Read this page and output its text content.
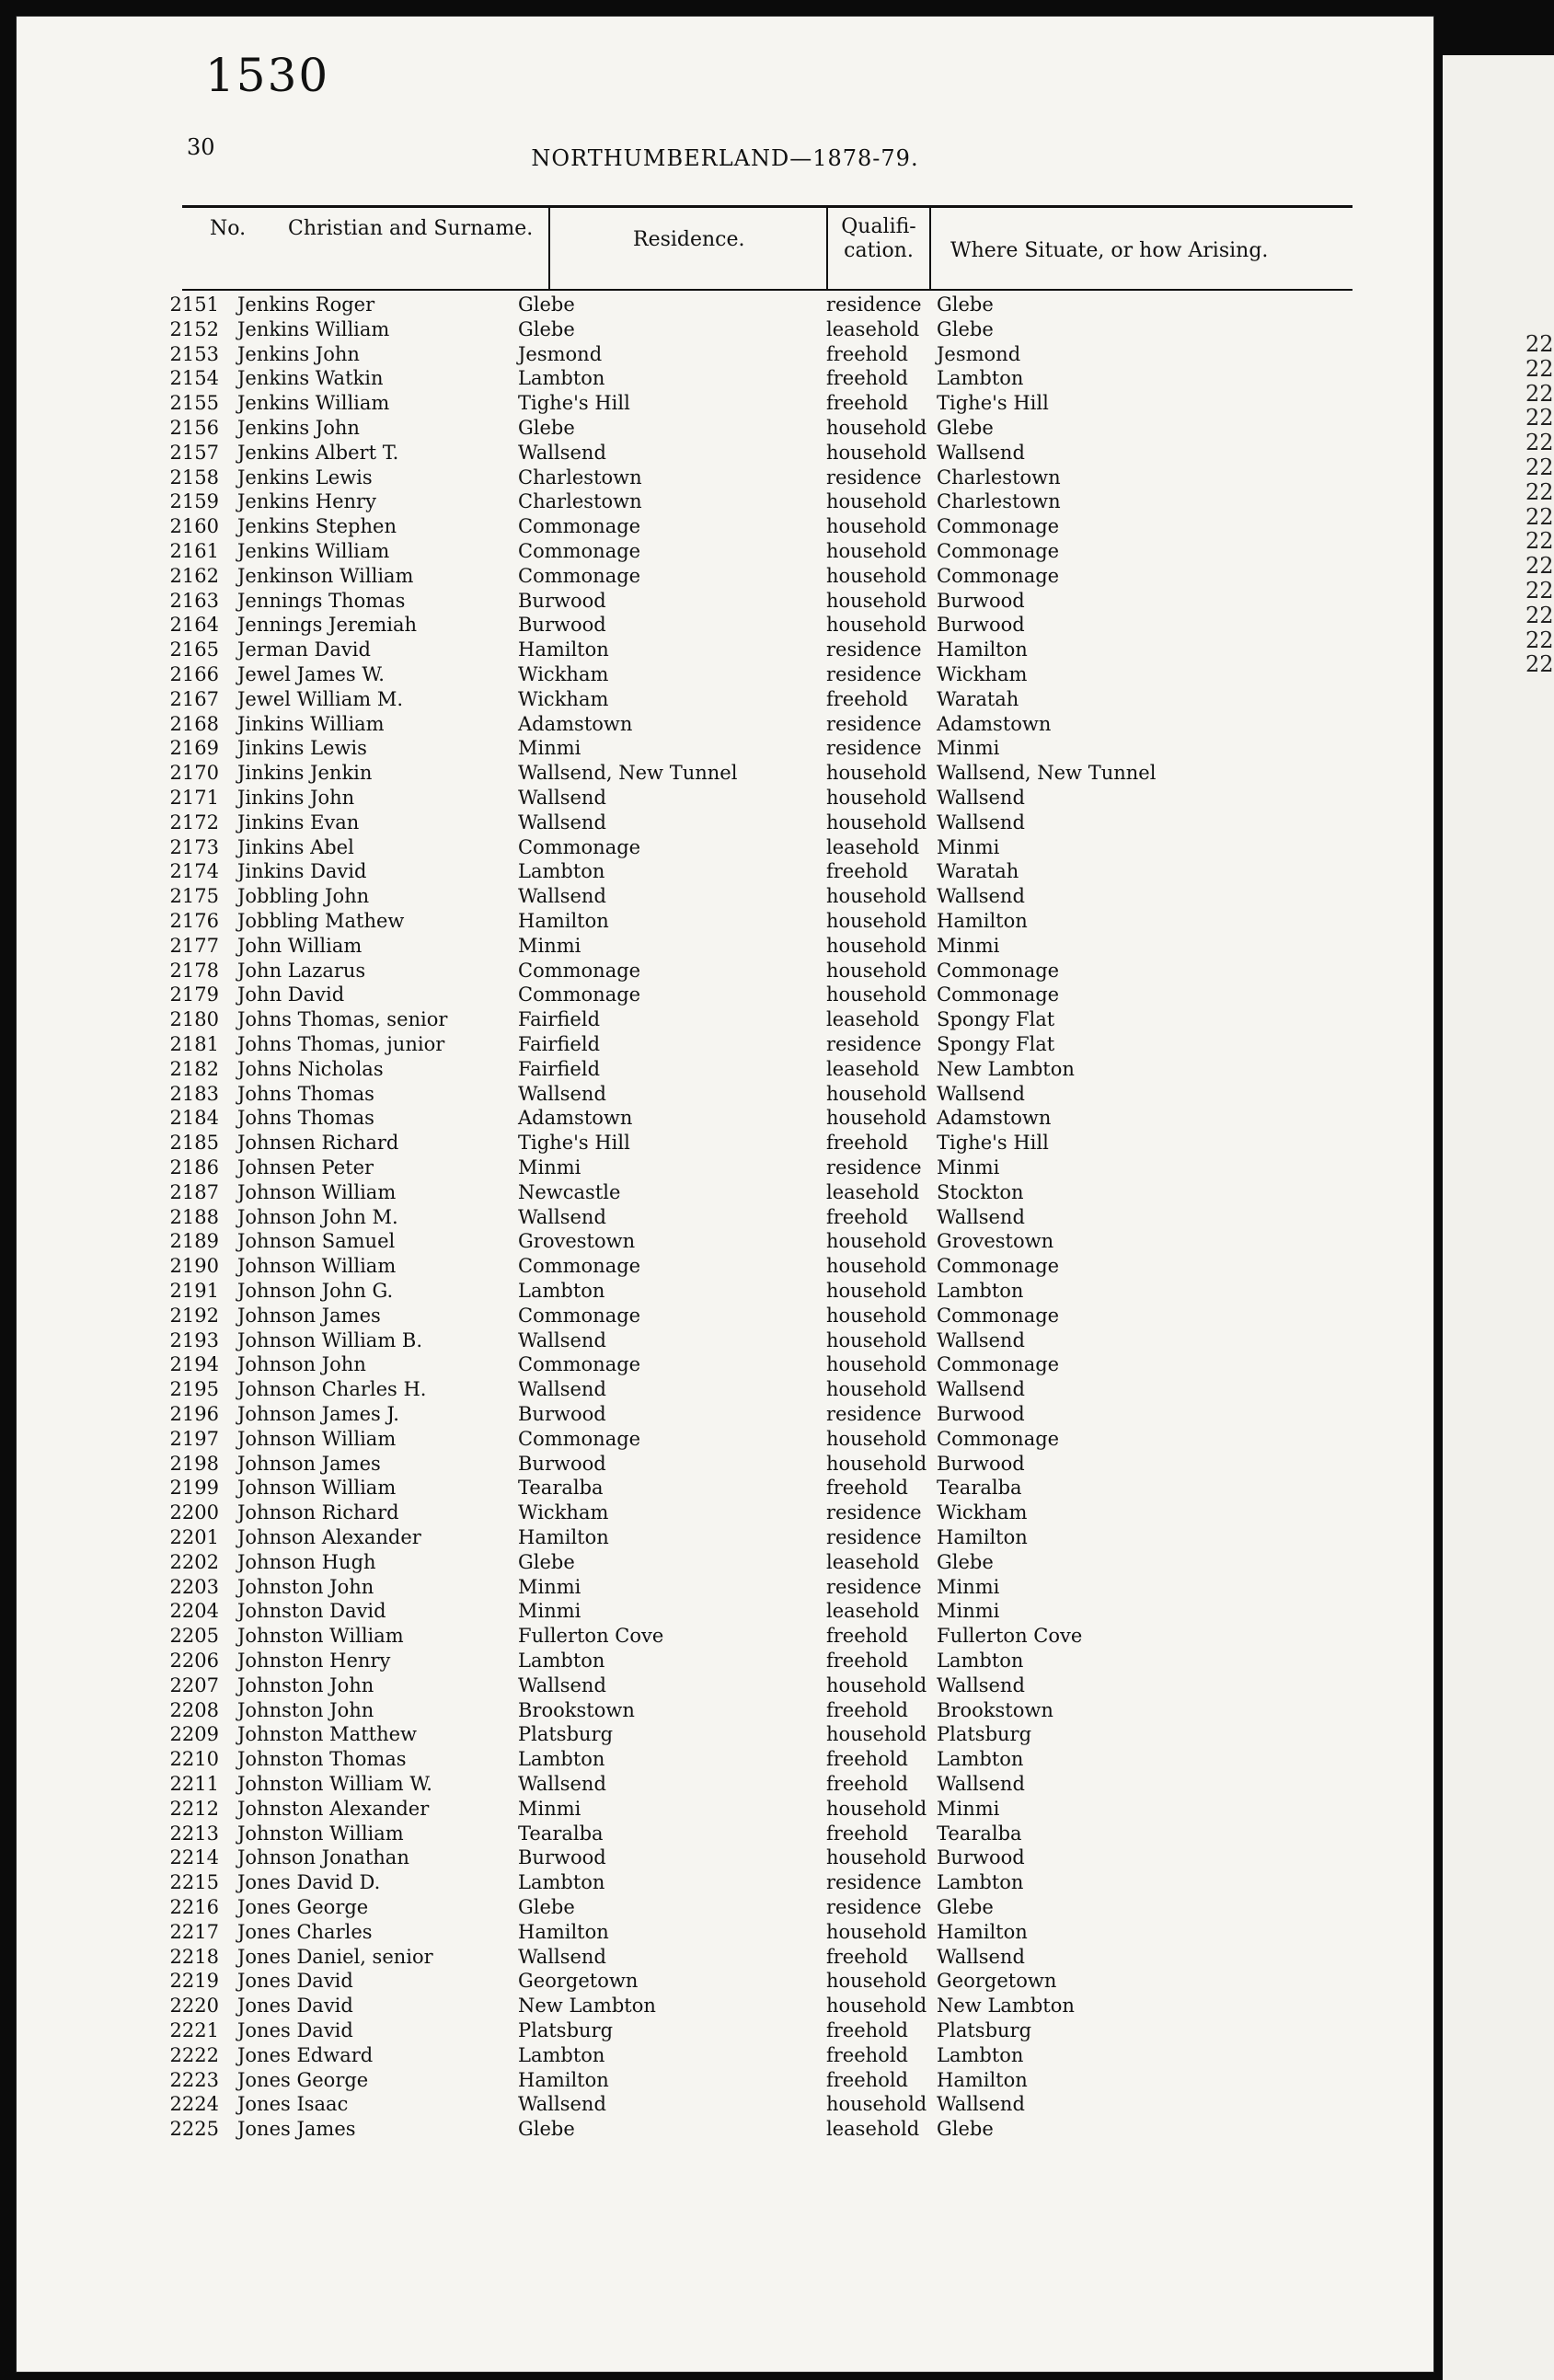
1530
30	NORTHUMBERLAND—1878-79.
No. Christian and Surname.	Residence.
Qualifi-
cation.	Where Situate, or how Arising.
2151 Jenkins Roger	Glebe	residence Glebe
2152 Jenkins William	Glebe	leasehold Glebe
2153 Jenkins John	Jesmond	freehold Jesmond
2154 Jenkins Watkin	Lambton	freehold Lambton
2155 Jenkins William	Tighe's Hill	freehold Tighe's Hill
2156 Jenkins John	Glebe	household Glebe
2157 Jenkins Albert T.	Wallsend	household Wallsend
2158 Jenkins Lewis	Charlestown	residence Charlestown
2159 Jenkins Henry	Charlestown	household Charlestown
2160 Jenkins Stephen	Commonage	household Commonage
2161 Jenkins William	Commonage	household Commonage
2162 Jenkinson William	Commonage	household Commonage
2163 Jennings Thomas	Burwood	household Burwood
2164 Jennings Jeremiah	Burwood	household Burwood
2165 Jerman David	Hamilton	residence Hamilton
2166 Jewel James W.	Wickham	residence Wickham
2167 Jewel William M.	Wickham	freehold Waratah
2168 Jinkins William	Adamstown	residence Adamstown
2169 Jinkins Lewis	Minmi	residence Minmi
2170 Jinkins Jenkin	Wallsend, New Tunnel	household Wallsend, New Tunnel
2171 Jinkins John	Wallsend	household Wallsend
2172 Jinkins Evan	Wallsend	household Wallsend
2173 Jinkins Abel	Commonage	leasehold Minmi
2174 Jinkins David	Lambton	freehold Waratah
2175 Jobbling John	Wallsend	household Wallsend
2176 Jobbling Mathew	Hamilton	household Hamilton
2177 John William	Minmi	household Minmi
2178 John Lazarus	Commonage	household Commonage
2179 John David	Commonage	household Commonage
2180 Johns Thomas, senior	Fairfield	leasehold Spongy Flat
2181 Johns Thomas, junior	Fairfield	residence Spongy Flat
2182 Johns Nicholas	Fairfield	leasehold New Lambton
2183 Johns Thomas	Wallsend	household Wallsend
2184 Johns Thomas	Adamstown	household Adamstown
2185 Johnsen Richard	Tighe's Hill	freehold Tighe's Hill
2186 Johnsen Peter	Minmi	residence Minmi
2187 Johnson William	Newcastle	leasehold Stockton
2188 Johnson John M.	Wallsend	freehold Wallsend
2189 Johnson Samuel	Grovestown	household Grovestown
2190 Johnson William	Commonage	household Commonage
2191 Johnson John G.	Lambton	household Lambton
2192 Johnson James	Commonage	household Commonage
2193 Johnson William B.	Wallsend	household Wallsend
2194 Johnson John	Commonage	household Commonage
2195 Johnson Charles H.	Wallsend	household Wallsend
2196 Johnson James J.	Burwood	residence Burwood
2197 Johnson William	Commonage	household Commonage
2198 Johnson James	Burwood	household Burwood
2199 Johnson William	Tearalba	freehold Tearalba
2200 Johnson Richard	Wickham	residence Wickham
2201 Johnson Alexander	Hamilton	residence Hamilton
2202 Johnson Hugh	Glebe	leasehold Glebe
2203 Johnston John	Minmi	residence Minmi
2204 Johnston David	Minmi	leasehold Minmi
2205 Johnston William	Fullerton Cove	freehold Fullerton Cove
2206 Johnston Henry	Lambton	freehold Lambton
2207 Johnston John	Wallsend	household Wallsend
2208 Johnston John	Brookstown	freehold Brookstown
2209 Johnston Matthew	Platsburg	household Platsburg
2210 Johnston Thomas	Lambton	freehold Lambton
2211 Johnston William W.	Wallsend	freehold Wallsend
2212 Johnston Alexander	Minmi	household Minmi
2213 Johnston William	Tearalba	freehold Tearalba
2214 Johnson Jonathan	Burwood	household Burwood
2215 Jones David D.	Lambton	residence Lambton
2216 Jones George	Glebe	residence Glebe
2217 Jones Charles	Hamilton	household Hamilton
2218 Jones Daniel, senior	Wallsend	freehold Wallsend
2219 Jones David	Georgetown	household Georgetown
2220 Jones David	New Lambton	household New Lambton
2221 Jones David	Platsburg	freehold Platsburg
2222 Jones Edward	Lambton	freehold Lambton
2223 Jones George	Hamilton	freehold Hamilton
2224 Jones Isaac	Wallsend	household Wallsend
2225 Jones James	Glebe	leasehold Glebe
22
22
22
22
22
22
22
22
22
22
22
22
22
22
